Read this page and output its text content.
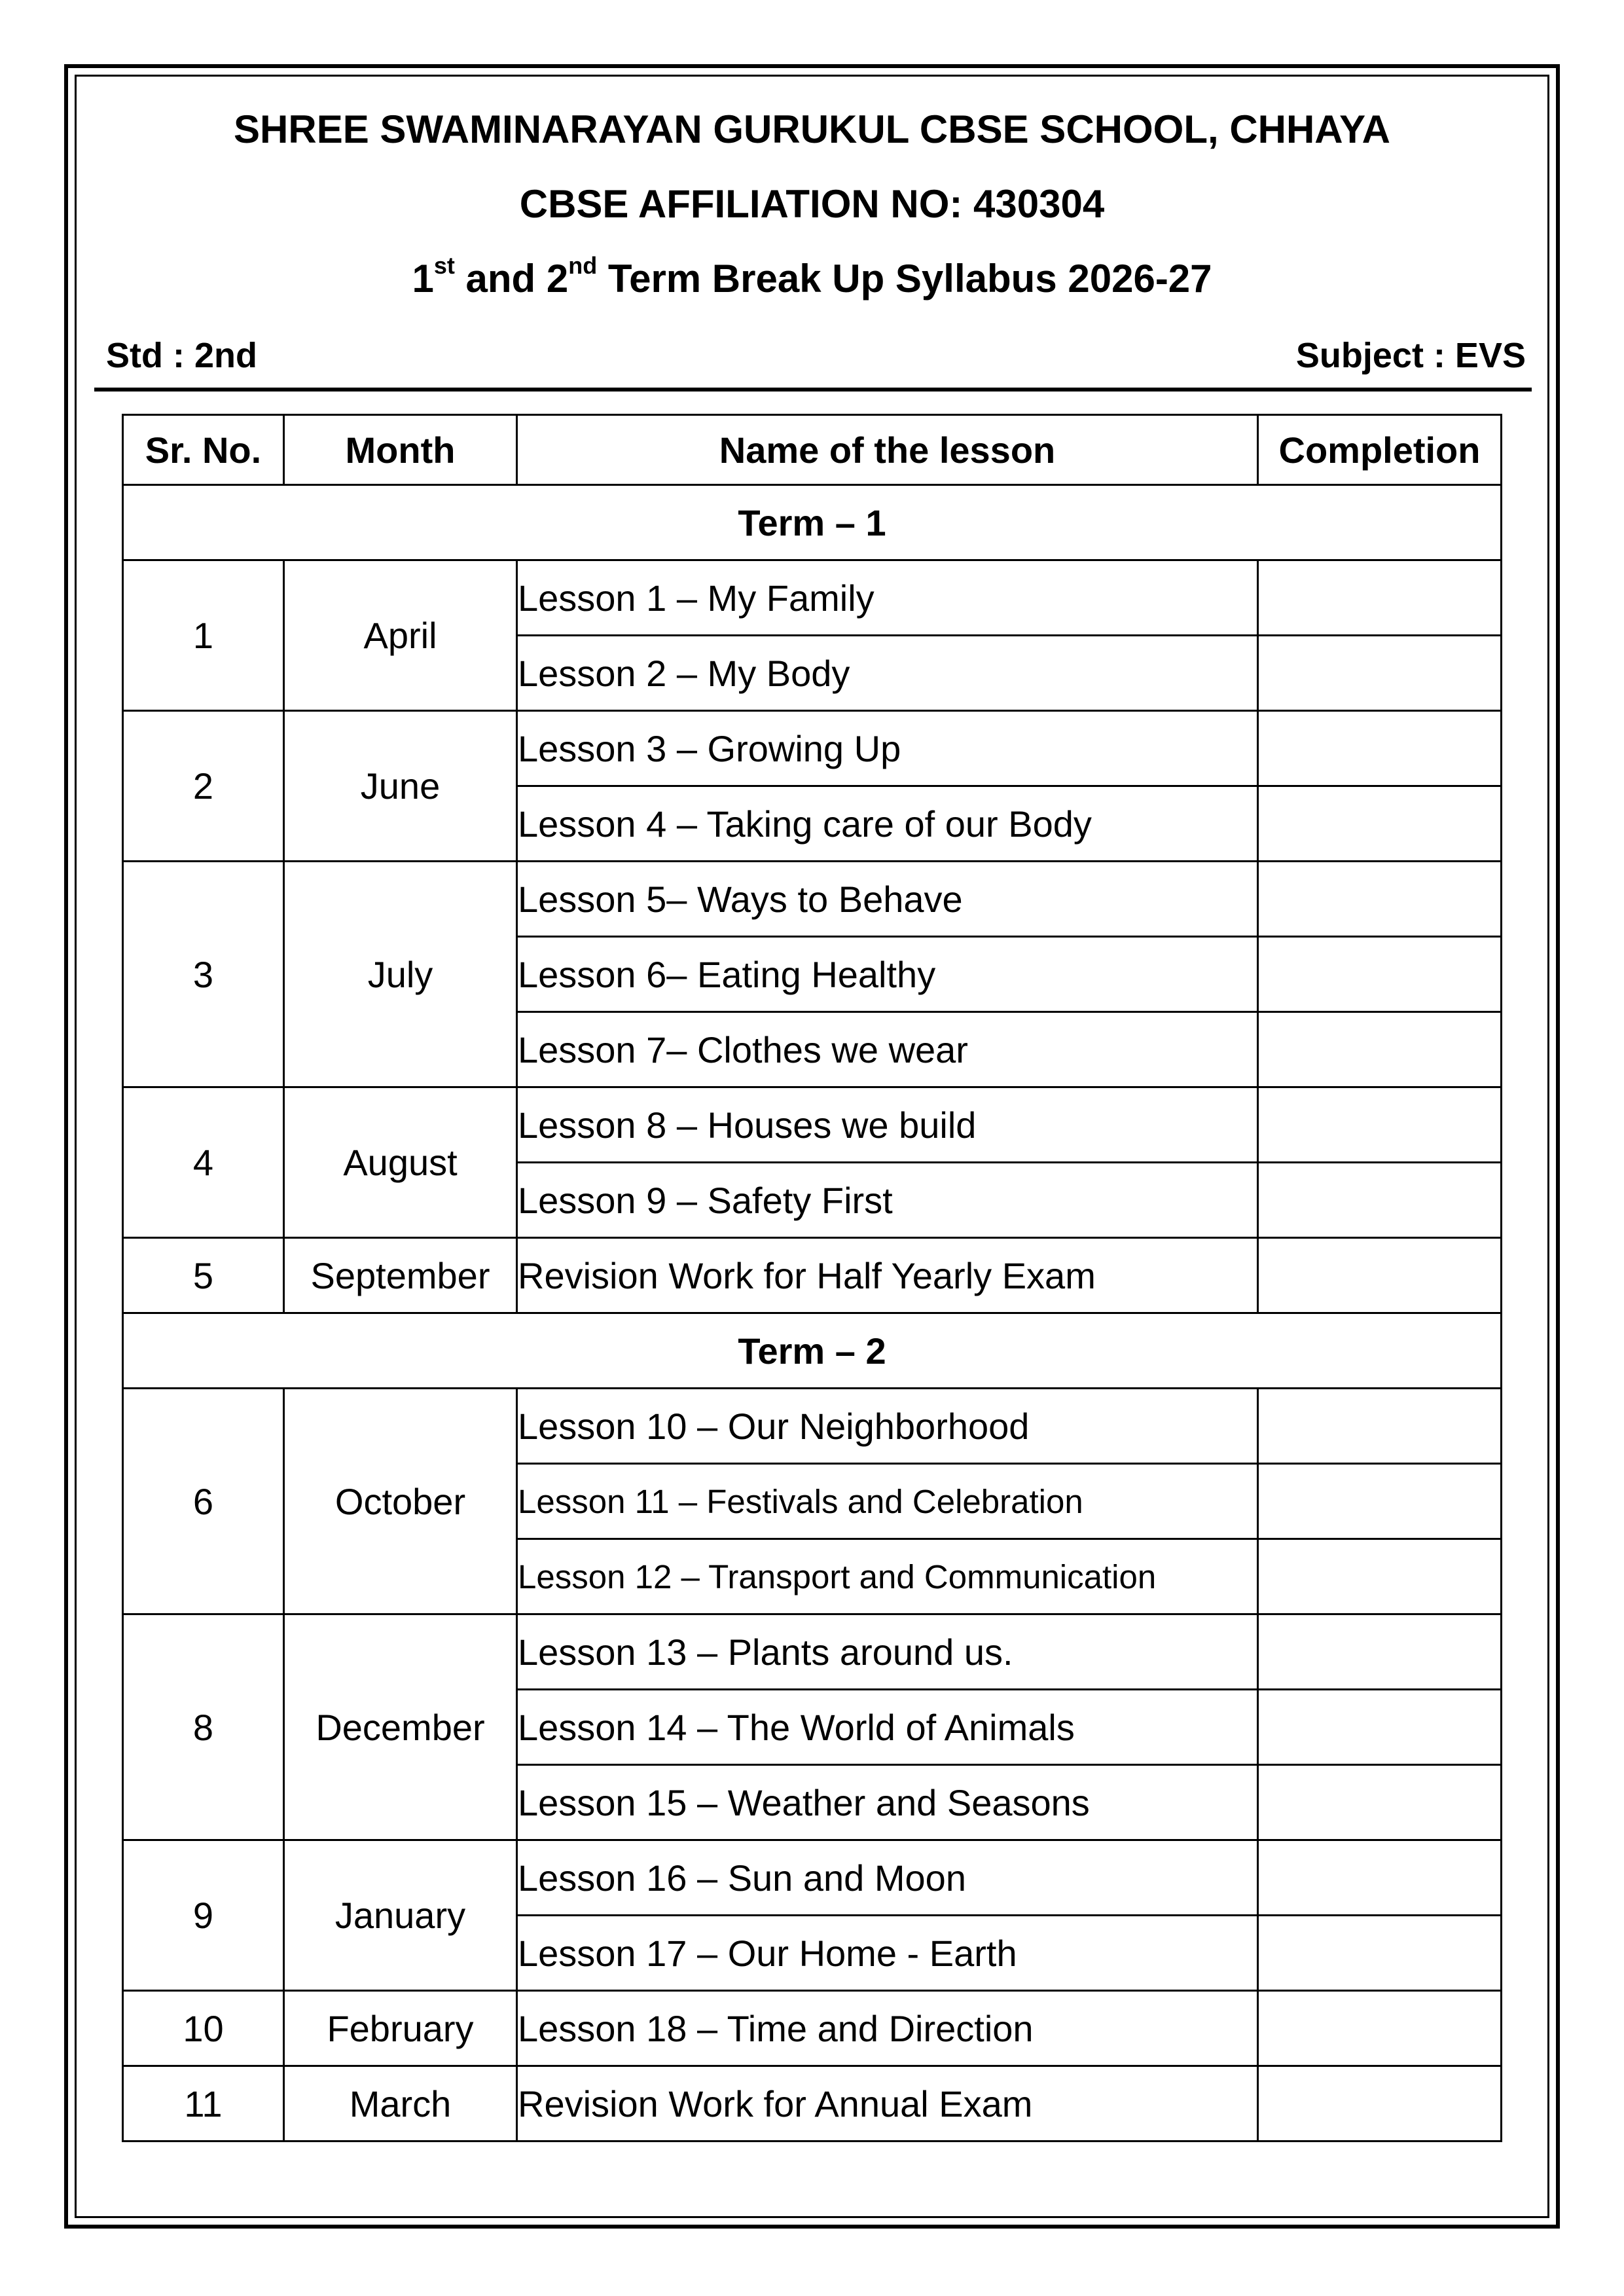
SHREE SWAMINARAYAN GURUKUL CBSE SCHOOL, CHHAYA
CBSE AFFILIATION NO: 430304
1st and 2nd Term Break Up Syllabus 2026-27
Std : 2nd	Subject : EVS
Sr. No.	Month	Name of the lesson	Completion
Term – 1			
1	April	Lesson 1 – My Family	
		Lesson 2 – My Body	
2	June	Lesson 3 – Growing Up	
		Lesson 4 – Taking care of our Body	
3	July	Lesson 5– Ways to Behave	
		Lesson 6– Eating Healthy	
		Lesson 7– Clothes we wear	
4	August	Lesson 8 – Houses we build	
		Lesson 9 – Safety First	
5	September	Revision Work for Half Yearly Exam	
Term – 2			
6	October	Lesson 10 – Our Neighborhood	
		Lesson 11 – Festivals and Celebration	
		Lesson 12 – Transport and Communication	
8	December	Lesson 13 – Plants around us.	
		Lesson 14 – The World of Animals	
		Lesson 15 – Weather and Seasons	
9	January	Lesson 16 – Sun and Moon	
		Lesson 17 – Our Home - Earth	
10	February	Lesson 18 – Time and Direction	
11	March	Revision Work for Annual Exam	
